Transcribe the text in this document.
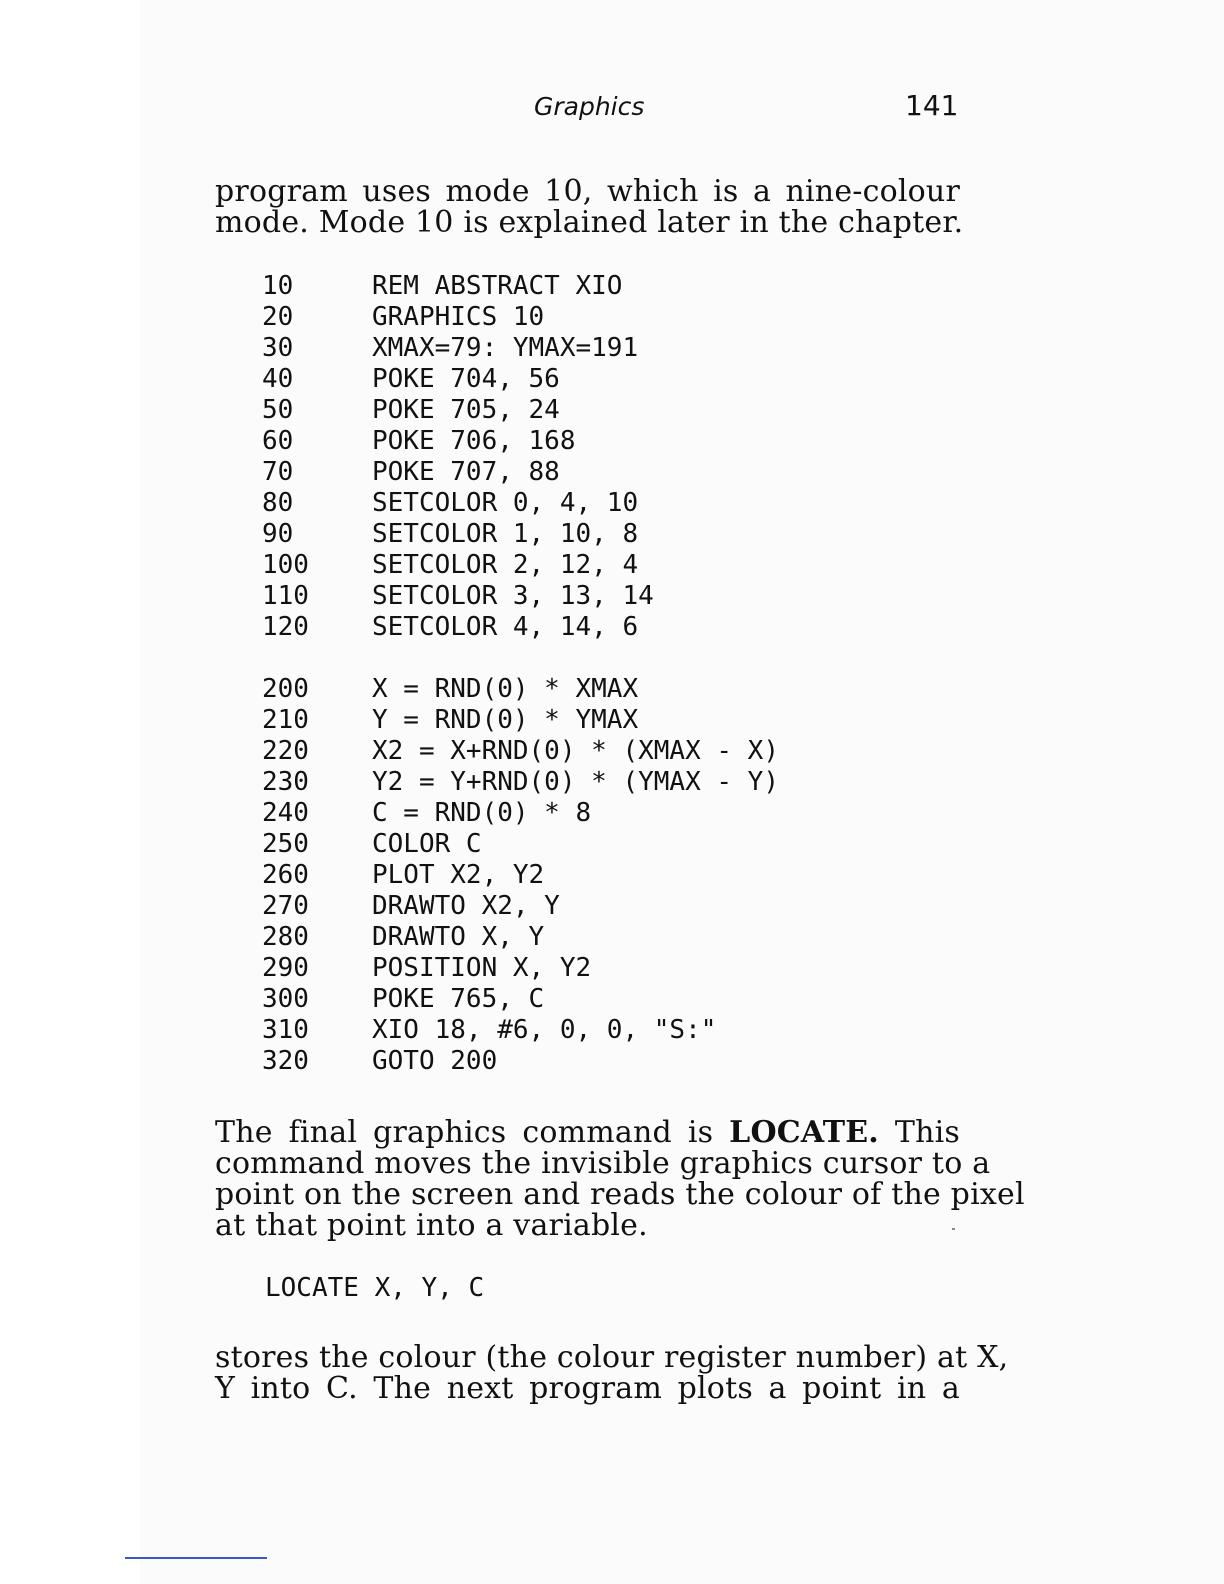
Graphics	141
program uses mode 10, which is a nine-colour
mode. Mode 10 is explained later in the chapter.
10	REM ABSTRACT XIO
20	GRAPHICS 10
30	XMAX=79: YMAX=191
40	POKE 704, 56
50	POKE 705, 24
60	POKE 706, 168
70	POKE 707, 88
80	SETCOLOR 0, 4, 10
90	SETCOLOR 1, 10, 8
100	SETCOLOR 2, 12, 4
110	SETCOLOR 3, 13, 14
120	SETCOLOR 4, 14, 6
200	X = RND(0) * XMAX
210	Y = RND(0) * YMAX
220	X2 = X+RND(0) * (XMAX - X)
230	Y2 = Y+RND(0) * (YMAX - Y)
240	C = RND(0) * 8
250	COLOR C
260	PLOT X2, Y2
270	DRAWTO X2, Y
280	DRAWTO X, Y
290	POSITION X, Y2
300	POKE 765, C
310	XIO 18, #6, 0, 0, "S:"
320	GOTO 200
The final graphics command is LOCATE. This
command moves the invisible graphics cursor to a
point on the screen and reads the colour of the pixel
at that point into a variable.
LOCATE X, Y, C
stores the colour (the colour register number) at X,
Y into C. The next program plots a point in a
